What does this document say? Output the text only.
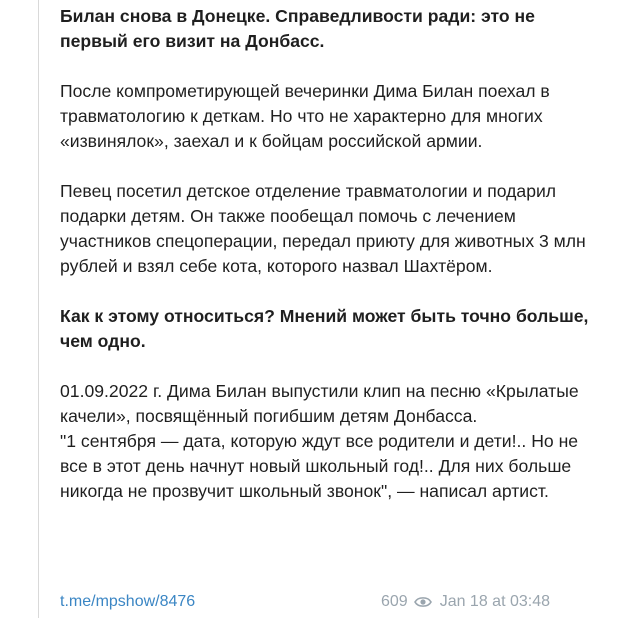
Билан снова в Донецке. Справедливости ради: это не первый его визит на Донбасс.

После компрометирующей вечеринки Дима Билан поехал в травматологию к деткам. Но что не характерно для многих «извинялок», заехал и к бойцам российской армии.

Певец посетил детское отделение травматологии и подарил подарки детям. Он также пообещал помочь с лечением участников спецоперации, передал приюту для животных 3 млн рублей и взял себе кота, которого назвал Шахтёром.

Как к этому относиться? Мнений может быть точно больше, чем одно.

01.09.2022 г. Дима Билан выпустили клип на песню «Крылатые качели», посвящённый погибшим детям Донбасса.

"1 сентября — дата, которую ждут все родители и дети!.. Но не все в этот день начнут новый школьный год!.. Для них больше никогда не прозвучит школьный звонок", — написал артист.

t.me/mpshow/8476	609 Jan 18 at 03:48
